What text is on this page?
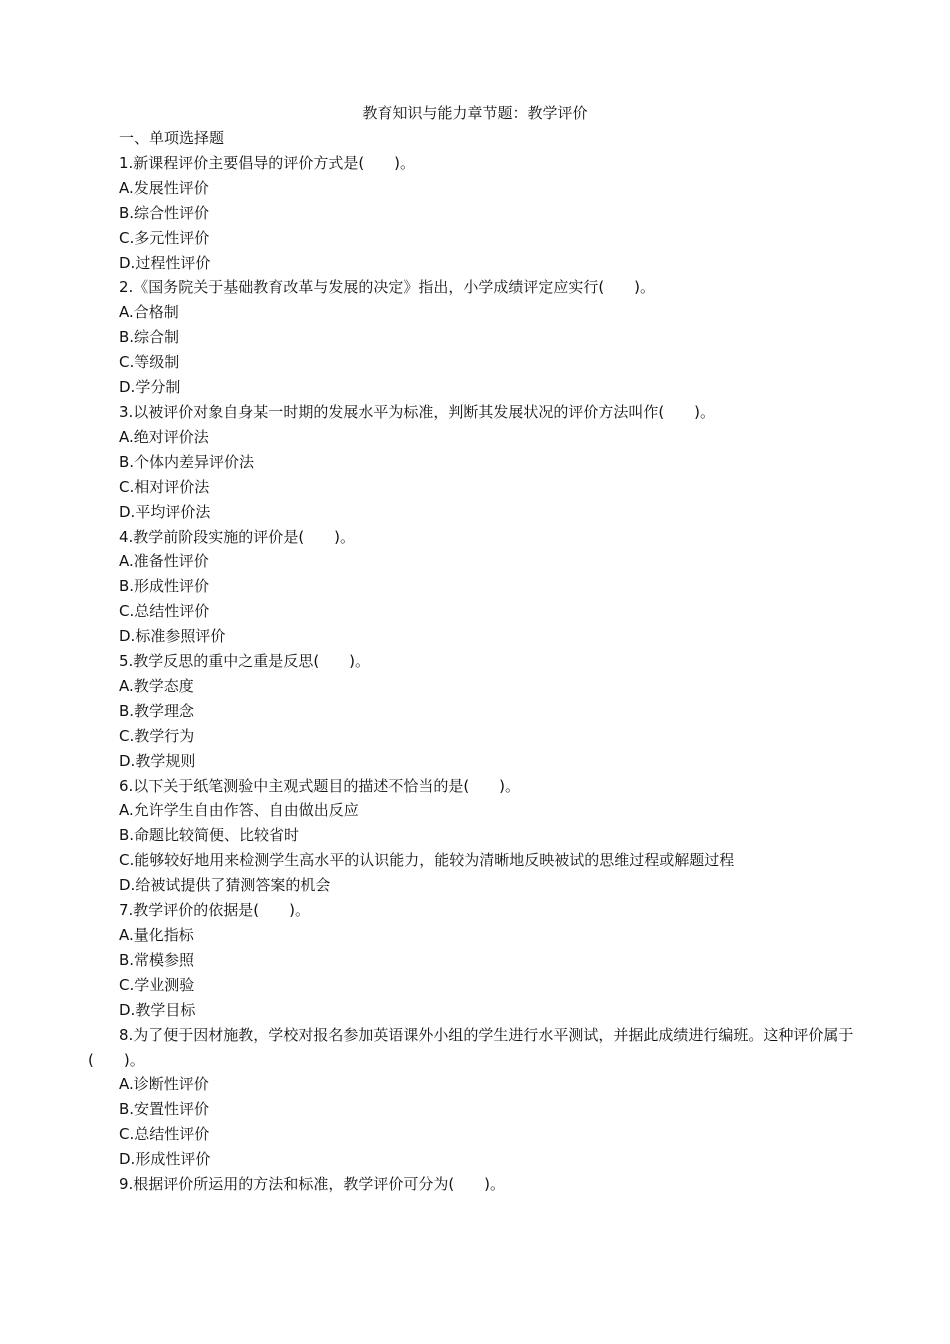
教育知识与能力章节题：教学评价
一、单项选择题
1.新课程评价主要倡导的评价方式是(　　)。
A.发展性评价
B.综合性评价
C.多元性评价
D.过程性评价
2.《国务院关于基础教育改革与发展的决定》指出，小学成绩评定应实行(　　)。
A.合格制
B.综合制
C.等级制
D.学分制
3.以被评价对象自身某一时期的发展水平为标准，判断其发展状况的评价方法叫作(　　)。
A.绝对评价法
B.个体内差异评价法
C.相对评价法
D.平均评价法
4.教学前阶段实施的评价是(　　)。
A.准备性评价
B.形成性评价
C.总结性评价
D.标准参照评价
5.教学反思的重中之重是反思(　　)。
A.教学态度
B.教学理念
C.教学行为
D.教学规则
6.以下关于纸笔测验中主观式题目的描述不恰当的是(　　)。
A.允许学生自由作答、自由做出反应
B.命题比较简便、比较省时
C.能够较好地用来检测学生高水平的认识能力，能较为清晰地反映被试的思维过程或解题过程
D.给被试提供了猜测答案的机会
7.教学评价的依据是(　　)。
A.量化指标
B.常模参照
C.学业测验
D.教学目标
8.为了便于因材施教，学校对报名参加英语课外小组的学生进行水平测试，并据此成绩进行编班。这种评价属于(　　)。
A.诊断性评价
B.安置性评价
C.总结性评价
D.形成性评价
9.根据评价所运用的方法和标准，教学评价可分为(　　)。
